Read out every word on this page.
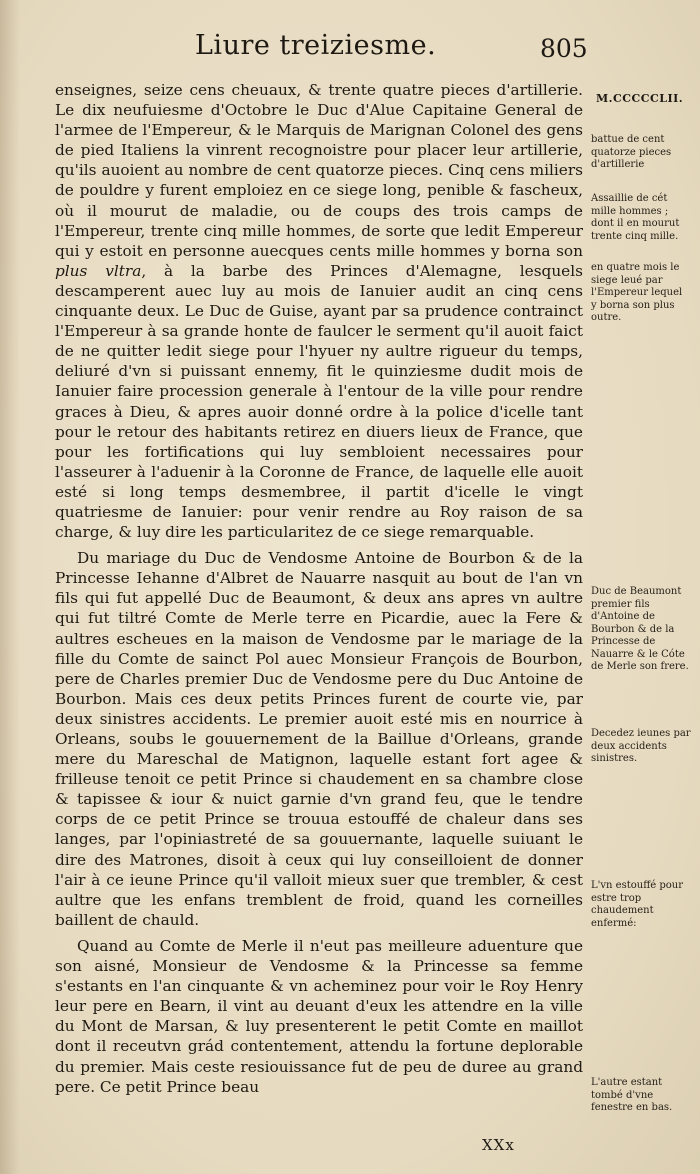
Liure treiziesme.	805
M.CCCCCLII.

enseignes, seize cens cheuaux, & trente quatre pieces d'artillerie. Le dix neufuiesme d'Octobre le Duc d'Alue Capitaine General de l'armee de l'Empereur, & le Marquis de Marignan Colonel des gens de pied Italiens la vinrent recognoistre pour placer leur artillerie, qu'ils auoient au nombre de cent quatorze pieces. Cinq cens miliers de pouldre y furent emploiez en ce siege long, penible & fascheux, où il mourut de maladie, ou de coups des trois camps de l'Empereur, trente cinq mille hommes, de sorte que ledit Empereur qui y estoit en personne auecques cents mille hommes y borna son plus vltra, à la barbe des Princes d'Alemagne, lesquels descamperent auec luy au mois de Ianuier audit an cinq cens cinquante deux. Le Duc de Guise, ayant par sa prudence contrainct l'Empereur à sa grande honte de faulcer le serment qu'il auoit faict de ne quitter ledit siege pour l'hyuer ny aultre rigueur du temps, deliuré d'vn si puissant ennemy, fit le quinziesme dudit mois de Ianuier faire procession generale à l'entour de la ville pour rendre graces à Dieu, & apres auoir donné ordre à la police d'icelle tant pour le retour des habitants retirez en diuers lieux de France, que pour les fortifications qui luy sembloient necessaires pour l'asseurer à l'aduenir à la Coronne de France, de laquelle elle auoit esté si long temps desmembree, il partit d'icelle le vingt quatriesme de Ianuier: pour venir rendre au Roy raison de sa charge, & luy dire les particularitez de ce siege remarquable.

Du mariage du Duc de Vendosme Antoine de Bourbon & de la Princesse Iehanne d'Albret de Nauarre nasquit au bout de l'an vn fils qui fut appellé Duc de Beaumont, & deux ans apres vn aultre qui fut tiltré Comte de Merle terre en Picardie, auec la Fere & aultres escheues en la maison de Vendosme par le mariage de la fille du Comte de sainct Pol auec Monsieur François de Bourbon, pere de Charles premier Duc de Vendosme pere du Duc Antoine de Bourbon. Mais ces deux petits Princes furent de courte vie, par deux sinistres accidents. Le premier auoit esté mis en nourrice à Orleans, soubs le gouuernement de la Baillue d'Orleans, grande mere du Mareschal de Matignon, laquelle estant fort agee & frilleuse tenoit ce petit Prince si chaudement en sa chambre close & tapissee & iour & nuict garnie d'vn grand feu, que le tendre corps de ce petit Prince se trouua estouffé de chaleur dans ses langes, par l'opiniastreté de sa gouuernante, laquelle suiuant le dire des Matrones, disoit à ceux qui luy conseilloient de donner l'air à ce ieune Prince qu'il valloit mieux suer que trembler, & cest aultre que les enfans tremblent de froid, quand les corneilles baillent de chauld.

Quand au Comte de Merle il n'eut pas meilleure aduenture que son aisné, Monsieur de Vendosme & la Princesse sa femme s'estants en l'an cinquante & vn acheminez pour voir le Roy Henry leur pere en Bearn, il vint au deuant d'eux les attendre en la ville du Mont de Marsan, & luy presenterent le petit Comte en maillot dont il receutvn grád contentement, attendu la fortune deplorable du premier. Mais ceste resiouissance fut de peu de duree au grand pere. Ce petit Prince beau

battue de cent quatorze pieces d'artillerie
Assaillie de cét mille hommes ; dont il en mourut trente cinq mille.
en quatre mois le siege leué par l'Empereur lequel y borna son plus outre.
Duc de Beaumont premier fils d'Antoine de Bourbon & de la Princesse de Nauarre & le Cóte de Merle son frere.
Decedez ieunes par deux accidents sinistres.
L'vn estouffé pour estre trop chaudement enfermé:
L'autre estant tombé d'vne fenestre en bas.
XXx
